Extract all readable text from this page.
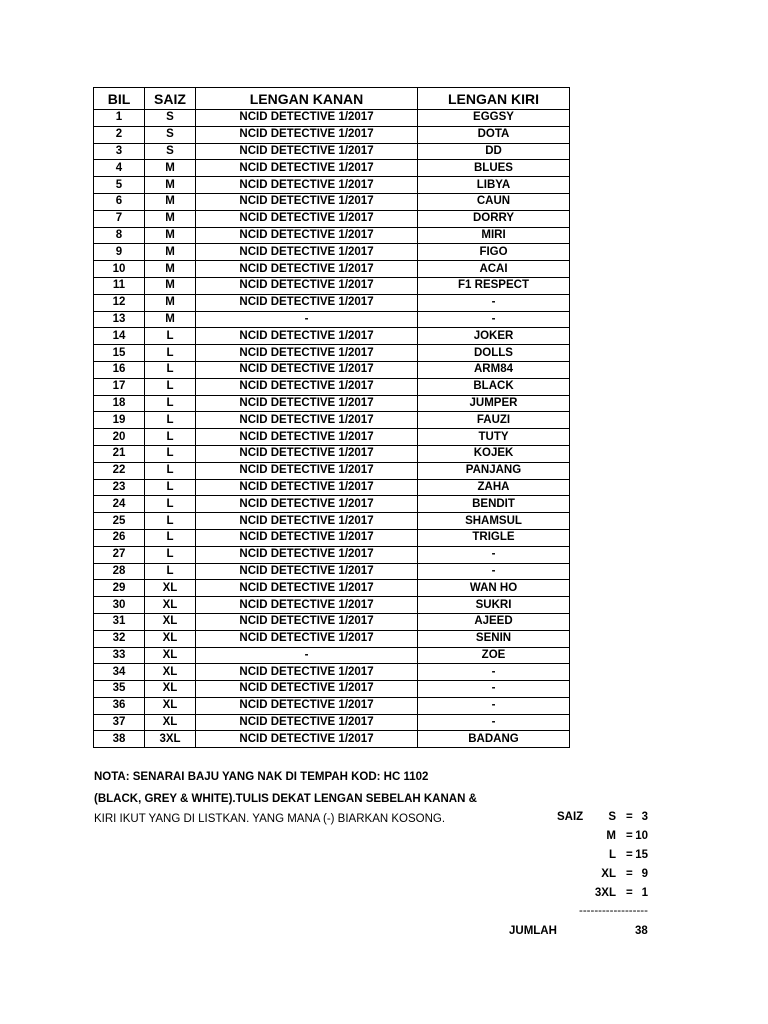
BIL	SAIZ	LENGAN KANAN	LENGAN KIRI
1	S	NCID DETECTIVE 1/2017	EGGSY
2	S	NCID DETECTIVE 1/2017	DOTA
3	S	NCID DETECTIVE 1/2017	DD
4	M	NCID DETECTIVE 1/2017	BLUES
5	M	NCID DETECTIVE 1/2017	LIBYA
6	M	NCID DETECTIVE 1/2017	CAUN
7	M	NCID DETECTIVE 1/2017	DORRY
8	M	NCID DETECTIVE 1/2017	MIRI
9	M	NCID DETECTIVE 1/2017	FIGO
10	M	NCID DETECTIVE 1/2017	ACAI
11	M	NCID DETECTIVE 1/2017	F1 RESPECT
12	M	NCID DETECTIVE 1/2017	-
13	M	-	-
14	L	NCID DETECTIVE 1/2017	JOKER
15	L	NCID DETECTIVE 1/2017	DOLLS
16	L	NCID DETECTIVE 1/2017	ARM84
17	L	NCID DETECTIVE 1/2017	BLACK
18	L	NCID DETECTIVE 1/2017	JUMPER
19	L	NCID DETECTIVE 1/2017	FAUZI
20	L	NCID DETECTIVE 1/2017	TUTY
21	L	NCID DETECTIVE 1/2017	KOJEK
22	L	NCID DETECTIVE 1/2017	PANJANG
23	L	NCID DETECTIVE 1/2017	ZAHA
24	L	NCID DETECTIVE 1/2017	BENDIT
25	L	NCID DETECTIVE 1/2017	SHAMSUL
26	L	NCID DETECTIVE 1/2017	TRIGLE
27	L	NCID DETECTIVE 1/2017	-
28	L	NCID DETECTIVE 1/2017	-
29	XL	NCID DETECTIVE 1/2017	WAN HO
30	XL	NCID DETECTIVE 1/2017	SUKRI
31	XL	NCID DETECTIVE 1/2017	AJEED
32	XL	NCID DETECTIVE 1/2017	SENIN
33	XL	-	ZOE
34	XL	NCID DETECTIVE 1/2017	-
35	XL	NCID DETECTIVE 1/2017	-
36	XL	NCID DETECTIVE 1/2017	-
37	XL	NCID DETECTIVE 1/2017	-
38	3XL	NCID DETECTIVE 1/2017	BADANG
NOTA: SENARAI BAJU YANG NAK DI TEMPAH KOD: HC 1102
(BLACK, GREY & WHITE).TULIS DEKAT LENGAN SEBELAH KANAN &
KIRI IKUT YANG DI LISTKAN. YANG MANA (-) BIARKAN KOSONG.	SAIZ S = 3
M = 10
L = 15
XL = 9
3XL = 1
------------------
JUMLAH	38
